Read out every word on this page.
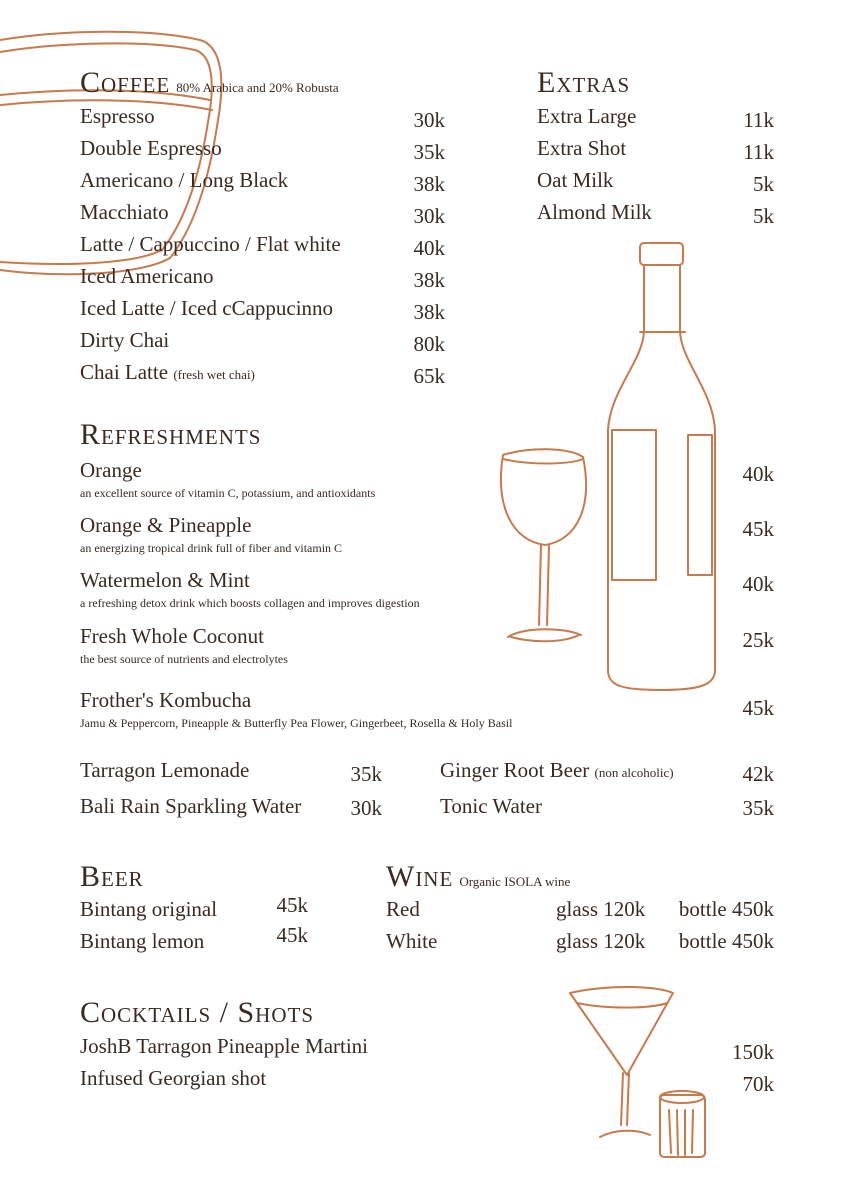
Coffee 80% Arabica and 20% Robusta
Espresso	30k
Double Espresso	35k
Americano / Long Black	38k
Macchiato	30k
Latte / Cappuccino / Flat white	40k
Iced Americano	38k
Iced Latte / Iced cCappucinno	38k
Dirty Chai	80k
Chai Latte (fresh wet chai)	65k
Extras
Extra Large	11k
Extra Shot	11k
Oat Milk	5k
Almond Milk	5k
Refreshments
Orange
an excellent source of vitamin C, potassium, and antioxidants
40k
Orange & Pineapple
an energizing tropical drink full of fiber and vitamin C
45k
Watermelon & Mint
a refreshing detox drink which boosts collagen and improves digestion
40k
Fresh Whole Coconut
the best source of nutrients and electrolytes
25k
Frother's Kombucha
Jamu & Peppercorn, Pineapple & Butterfly Pea Flower, Gingerbeet, Rosella & Holy Basil
45k
Tarragon Lemonade	35k
Bali Rain Sparkling Water 30k
Ginger Root Beer (non alcoholic)	42k
Tonic Water	35k
Beer
Bintang original	45k
Bintang lemon	45k
Wine Organic ISOLA wine
Red	glass 120k bottle 450k
White	glass 120k bottle 450k
Cocktails / Shots
JoshB Tarragon Pineapple Martini	150k
Infused Georgian shot	70k
